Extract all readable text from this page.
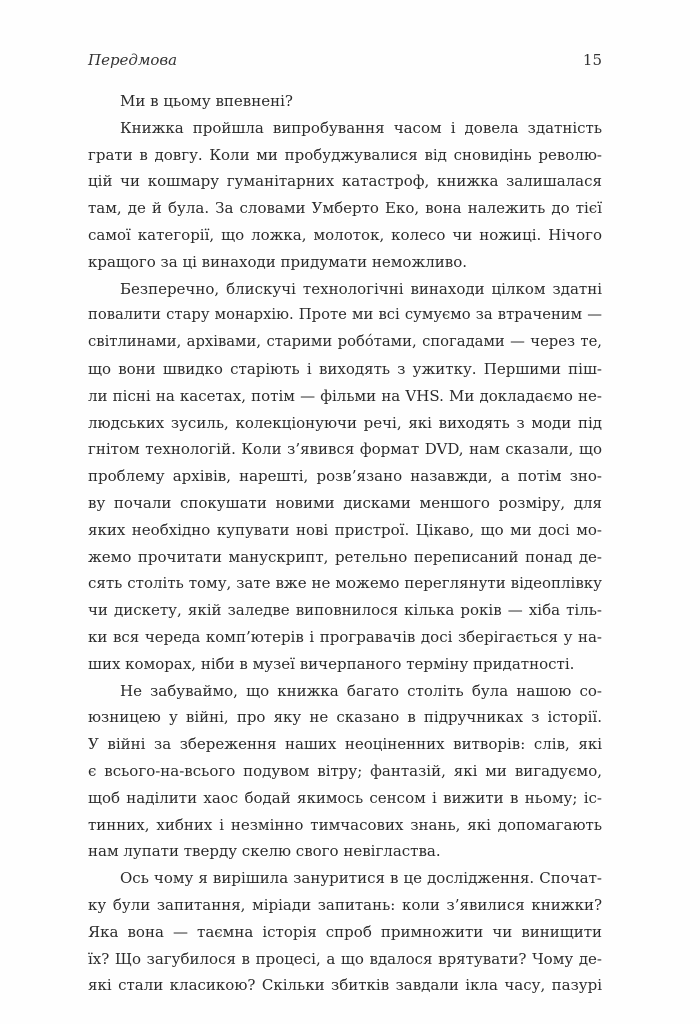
Передмова	15
Ми в цьому впевнені?
Книжка пройшла випробування часом і довела здатність
грати в довгу. Коли ми пробуджувалися від сновидінь револю-
цій чи кошмару гуманітарних катастроф, книжка залишалася
там, де й була. За словами Умберто Еко, вона належить до тієї
самої категорії, що ложка, молоток, колесо чи ножиці. Нічого
кращого за ці винаходи придумати неможливо.
Безперечно, блискучі технологічні винаходи цілком здатні
повалити стару монархію. Проте ми всі сумуємо за втраченим —
світлинами, архівами, старими робóтами, спогадами — через те,
що вони швидко старіють і виходять з ужитку. Першими піш-
ли пісні на касетах, потім — фільми на VHS. Ми докладаємо не-
людських зусиль, колекціонуючи речі, які виходять з моди під
гнітом технологій. Коли з’явився формат DVD, нам сказали, що
проблему архівів, нарешті, розв’язано назавжди, а потім зно-
ву почали спокушати новими дисками меншого розміру, для
яких необхідно купувати нові пристрої. Цікаво, що ми досі мо-
жемо прочитати манускрипт, ретельно переписаний понад де-
сять століть тому, зате вже не можемо переглянути відеоплівку
чи дискету, якій заледве виповнилося кілька років — хіба тіль-
ки вся череда комп’ютерів і програвачів досі зберігається у на-
ших коморах, ніби в музеї вичерпаного терміну придатності.
Не забуваймо, що книжка багато століть була нашою со-
юзницею у війні, про яку не сказано в підручниках з історії.
У війні за збереження наших неоціненних витворів: слів, які
є всього-на-всього подувом вітру; фантазій, які ми вигадуємо,
щоб наділити хаос бодай якимось сенсом і вижити в ньому; іс-
тинних, хибних і незмінно тимчасових знань, які допомагають
нам лупати тверду скелю свого невігластва.
Ось чому я вирішила зануритися в це дослідження. Спочат-
ку були запитання, міріади запитань: коли з’явилися книжки?
Яка вона — таємна історія спроб примножити чи винищити
їх? Що загубилося в процесі, а що вдалося врятувати? Чому де-
які стали класикою? Скільки збитків завдали ікла часу, пазурі
